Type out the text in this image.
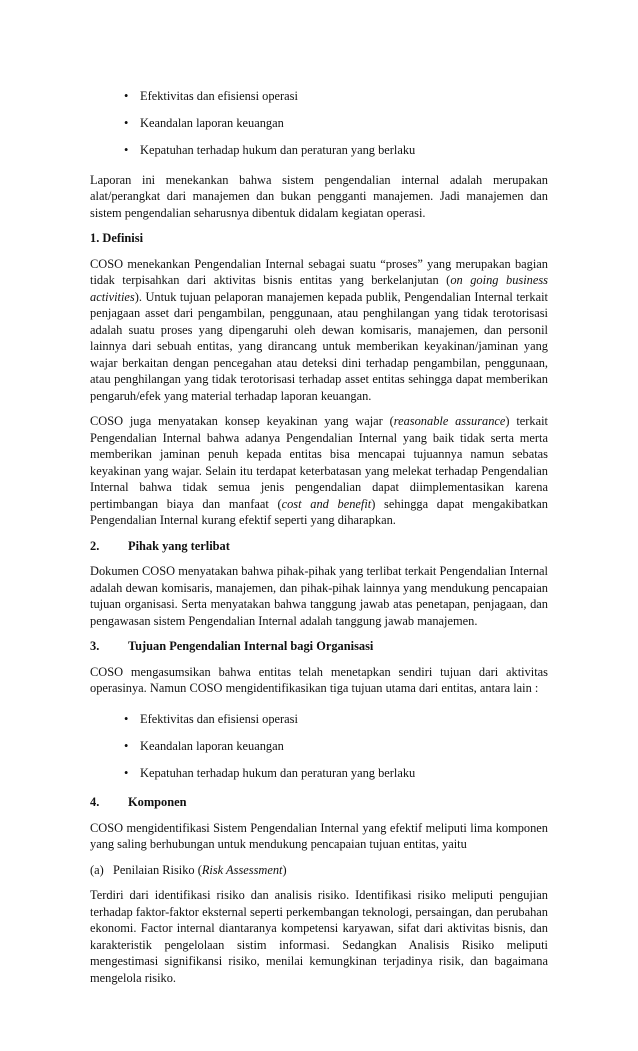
• Efektivitas dan efisiensi operasi
• Keandalan laporan keuangan
• Kepatuhan terhadap hukum dan peraturan yang berlaku

Laporan ini menekankan bahwa sistem pengendalian internal adalah merupakan alat/perangkat dari manajemen dan bukan pengganti manajemen. Jadi manajemen dan sistem pengendalian seharusnya dibentuk didalam kegiatan operasi.

1. Definisi

COSO menekankan Pengendalian Internal sebagai suatu “proses” yang merupakan bagian tidak terpisahkan dari aktivitas bisnis entitas yang berkelanjutan (on going business activities). Untuk tujuan pelaporan manajemen kepada publik, Pengendalian Internal terkait penjagaan asset dari pengambilan, penggunaan, atau penghilangan yang tidak terotorisasi adalah suatu proses yang dipengaruhi oleh dewan komisaris, manajemen, dan personil lainnya dari sebuah entitas, yang dirancang untuk memberikan keyakinan/jaminan yang wajar berkaitan dengan pencegahan atau deteksi dini terhadap pengambilan, penggunaan, atau penghilangan yang tidak terotorisasi terhadap asset entitas sehingga dapat memberikan pengaruh/efek yang material terhadap laporan keuangan.

COSO juga menyatakan konsep keyakinan yang wajar (reasonable assurance) terkait Pengendalian Internal bahwa adanya Pengendalian Internal yang baik tidak serta merta memberikan jaminan penuh kepada entitas bisa mencapai tujuannya namun sebatas keyakinan yang wajar. Selain itu terdapat keterbatasan yang melekat terhadap Pengendalian Internal bahwa tidak semua jenis pengendalian dapat diimplementasikan karena pertimbangan biaya dan manfaat (cost and benefit) sehingga dapat mengakibatkan Pengendalian Internal kurang efektif seperti yang diharapkan.

2. Pihak yang terlibat

Dokumen COSO menyatakan bahwa pihak-pihak yang terlibat terkait Pengendalian Internal adalah dewan komisaris, manajemen, dan pihak-pihak lainnya yang mendukung pencapaian tujuan organisasi. Serta menyatakan bahwa tanggung jawab atas penetapan, penjagaan, dan pengawasan sistem Pengendalian Internal adalah tanggung jawab manajemen.

3. Tujuan Pengendalian Internal bagi Organisasi

COSO mengasumsikan bahwa entitas telah menetapkan sendiri tujuan dari aktivitas operasinya. Namun COSO mengidentifikasikan tiga tujuan utama dari entitas, antara lain :

• Efektivitas dan efisiensi operasi
• Keandalan laporan keuangan
• Kepatuhan terhadap hukum dan peraturan yang berlaku
4. Komponen

COSO mengidentifikasi Sistem Pengendalian Internal yang efektif meliputi lima komponen yang saling berhubungan untuk mendukung pencapaian tujuan entitas, yaitu

(a)   Penilaian Risiko (Risk Assessment)

Terdiri dari identifikasi risiko dan analisis risiko. Identifikasi risiko meliputi pengujian terhadap faktor-faktor eksternal seperti perkembangan teknologi, persaingan, dan perubahan ekonomi. Factor internal diantaranya kompetensi karyawan, sifat dari aktivitas bisnis, dan karakteristik pengelolaan sistim informasi. Sedangkan Analisis Risiko meliputi mengestimasi signifikansi risiko, menilai kemungkinan terjadinya risik, dan bagaimana mengelola risiko.
